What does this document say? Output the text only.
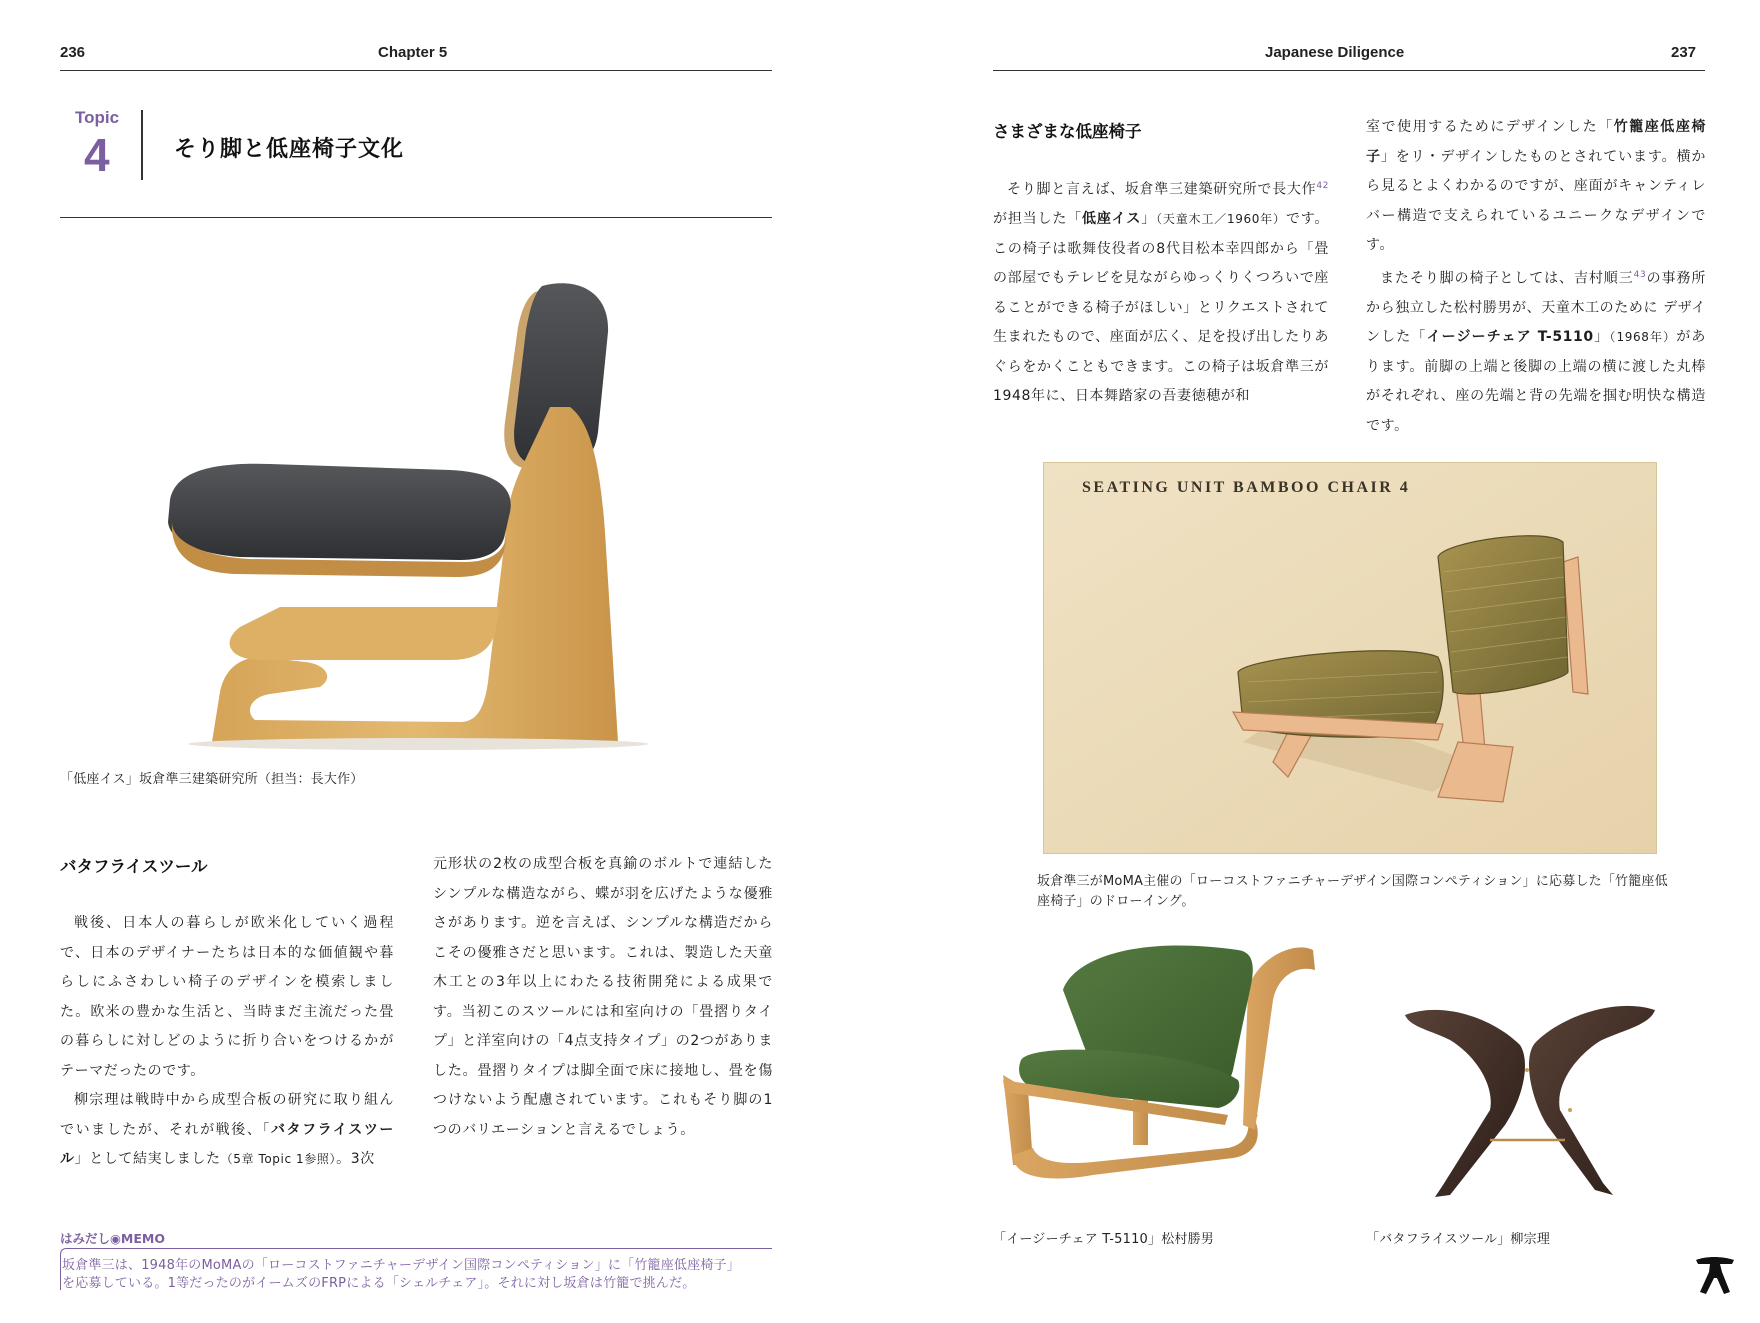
236	Chapter 5
Topic
4	そり脚と低座椅子文化
「低座イス」坂倉準三建築研究所（担当：長大作）
バタフライスツール

戦後、日本人の暮らしが欧米化していく過程で、日本のデザイナーたちは日本的な価値観や暮らしにふさわしい椅子のデザインを模索しました。欧米の豊かな生活と、当時まだ主流だった畳の暮らしに対しどのように折り合いをつけるかがテーマだったのです。

柳宗理は戦時中から成型合板の研究に取り組んでいましたが、それが戦後、「バタフライスツール」として結実しました（5章 Topic 1参照）。3次

元形状の2枚の成型合板を真鍮のボルトで連結したシンプルな構造ながら、蝶が羽を広げたような優雅さがあります。逆を言えば、シンプルな構造だからこその優雅さだと思います。これは、製造した天童木工との3年以上にわたる技術開発による成果です。当初このスツールには和室向けの「畳摺りタイプ」と洋室向けの「4点支持タイプ」の2つがありました。畳摺りタイプは脚全面で床に接地し、畳を傷つけないよう配慮されています。これもそり脚の1つのバリエーションと言えるでしょう。

はみだし◉MEMO
坂倉準三は、1948年のMoMAの「ローコストファニチャーデザイン国際コンペティション」に「竹籠座低座椅子」
を応募している。1等だったのがイームズのFRPによる「シェルチェア」。それに対し坂倉は竹籠で挑んだ。
Japanese Diligence	237
さまざまな低座椅子

そり脚と言えば、坂倉準三建築研究所で長大作$^{42}$が担当した「低座イス」（天童木工／1960年）です。この椅子は歌舞伎役者の8代目松本幸四郎から「畳の部屋でもテレビを見ながらゆっくりくつろいで座ることができる椅子がほしい」とリクエストされて生まれたもので、座面が広く、足を投げ出したりあぐらをかくこともできます。この椅子は坂倉準三が1948年に、日本舞踏家の吾妻徳穂が和

室で使用するためにデザインした「竹籠座低座椅子」をリ・デザインしたものとされています。横から見るとよくわかるのですが、座面がキャンティレバー構造で支えられているユニークなデザインです。

またそり脚の椅子としては、吉村順三$^{43}$の事務所から独立した松村勝男が、天童木工のために デザインした「イージーチェア T-5110」（1968年）があります。前脚の上端と後脚の上端の横に渡した丸棒がそれぞれ、座の先端と背の先端を掴む明快な構造です。

SEATING UNIT BAMBOO CHAIR 4
坂倉準三がMoMA主催の「ローコストファニチャーデザイン国際コンペティション」に応募した「竹籠座低座椅子」のドローイング。
「イージーチェア T-5110」松村勝男	「バタフライスツール」柳宗理
